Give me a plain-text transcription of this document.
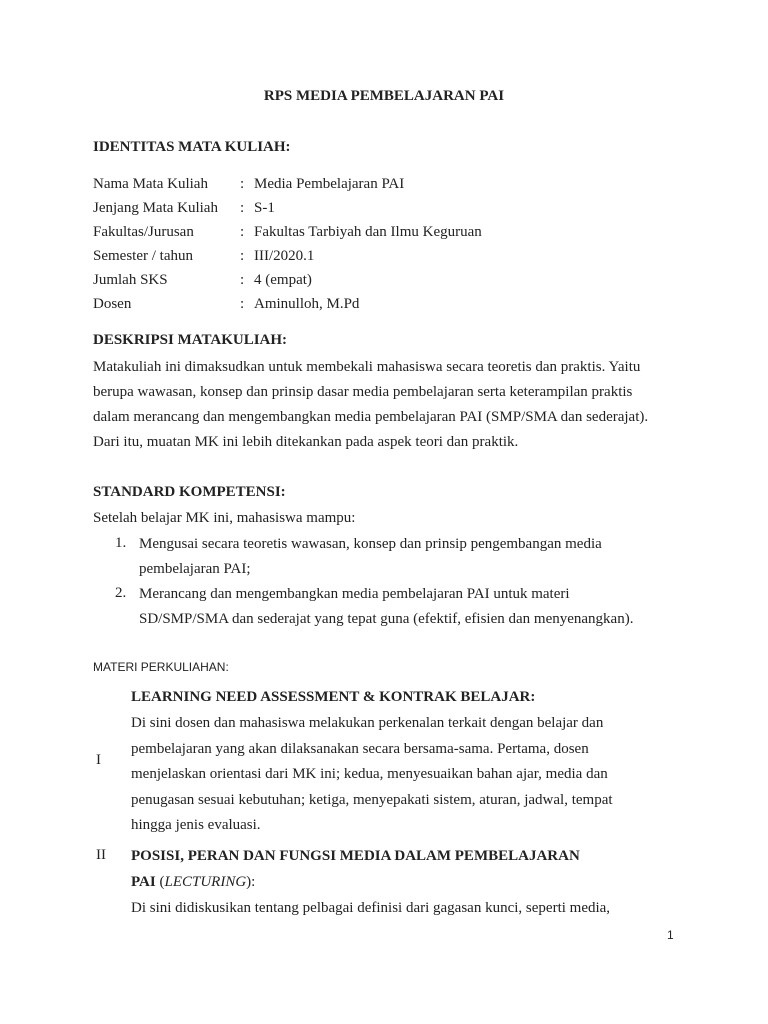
RPS MEDIA PEMBELAJARAN PAI
IDENTITAS MATA KULIAH:
Nama Mata Kuliah	: Media Pembelajaran PAI
Jenjang Mata Kuliah	: S-1
Fakultas/Jurusan	: Fakultas Tarbiyah dan Ilmu Keguruan
Semester / tahun	: III/2020.1
Jumlah SKS	: 4 (empat)
Dosen	: Aminulloh, M.Pd
DESKRIPSI MATAKULIAH:
Matakuliah ini dimaksudkan untuk membekali mahasiswa secara teoretis dan praktis. Yaitu
berupa wawasan, konsep dan prinsip dasar media pembelajaran serta keterampilan praktis
dalam merancang dan mengembangkan media pembelajaran PAI (SMP/SMA dan sederajat).
Dari itu, muatan MK ini lebih ditekankan pada aspek teori dan praktik.
STANDARD KOMPETENSI:
Setelah belajar MK ini, mahasiswa mampu:
1. Mengusai secara teoretis wawasan, konsep dan prinsip pengembangan media
pembelajaran PAI;
2. Merancang dan mengembangkan media pembelajaran PAI untuk materi
SD/SMP/SMA dan sederajat yang tepat guna (efektif, efisien dan menyenangkan).
MATERI PERKULIAHAN:
I
LEARNING NEED ASSESSMENT & KONTRAK BELAJAR:
Di sini dosen dan mahasiswa melakukan perkenalan terkait dengan belajar dan
pembelajaran yang akan dilaksanakan secara bersama-sama. Pertama, dosen
menjelaskan orientasi dari MK ini; kedua, menyesuaikan bahan ajar, media dan
penugasan sesuai kebutuhan; ketiga, menyepakati sistem, aturan, jadwal, tempat
hingga jenis evaluasi.
II POSISI, PERAN DAN FUNGSI MEDIA DALAM PEMBELAJARAN
PAI (LECTURING):
Di sini didiskusikan tentang pelbagai definisi dari gagasan kunci, seperti media,
1
